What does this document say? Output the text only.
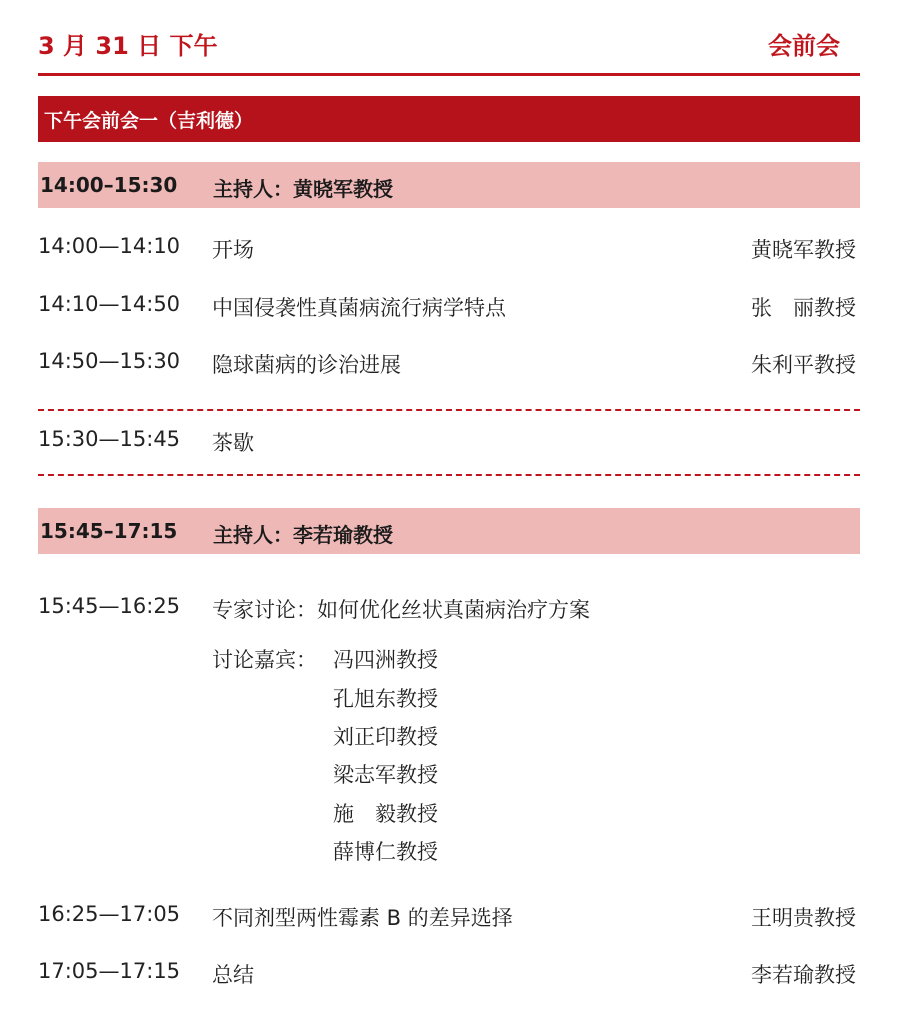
3 月 31 日 下午	会前会
下午会前会一（吉利德）
14:00–15:30 主持人：黄晓军教授
14:00—14:10 开场	黄晓军教授
14:10—14:50 中国侵袭性真菌病流行病学特点	张　丽教授
14:50—15:30 隐球菌病的诊治进展	朱利平教授
15:30—15:45 茶歇
15:45–17:15 主持人：李若瑜教授
15:45—16:25 专家讨论：如何优化丝状真菌病治疗方案
讨论嘉宾： 冯四洲教授
孔旭东教授
刘正印教授
梁志军教授
施　毅教授
薛博仁教授
16:25—17:05 不同剂型两性霉素 B 的差异选择	王明贵教授
17:05—17:15 总结	李若瑜教授
